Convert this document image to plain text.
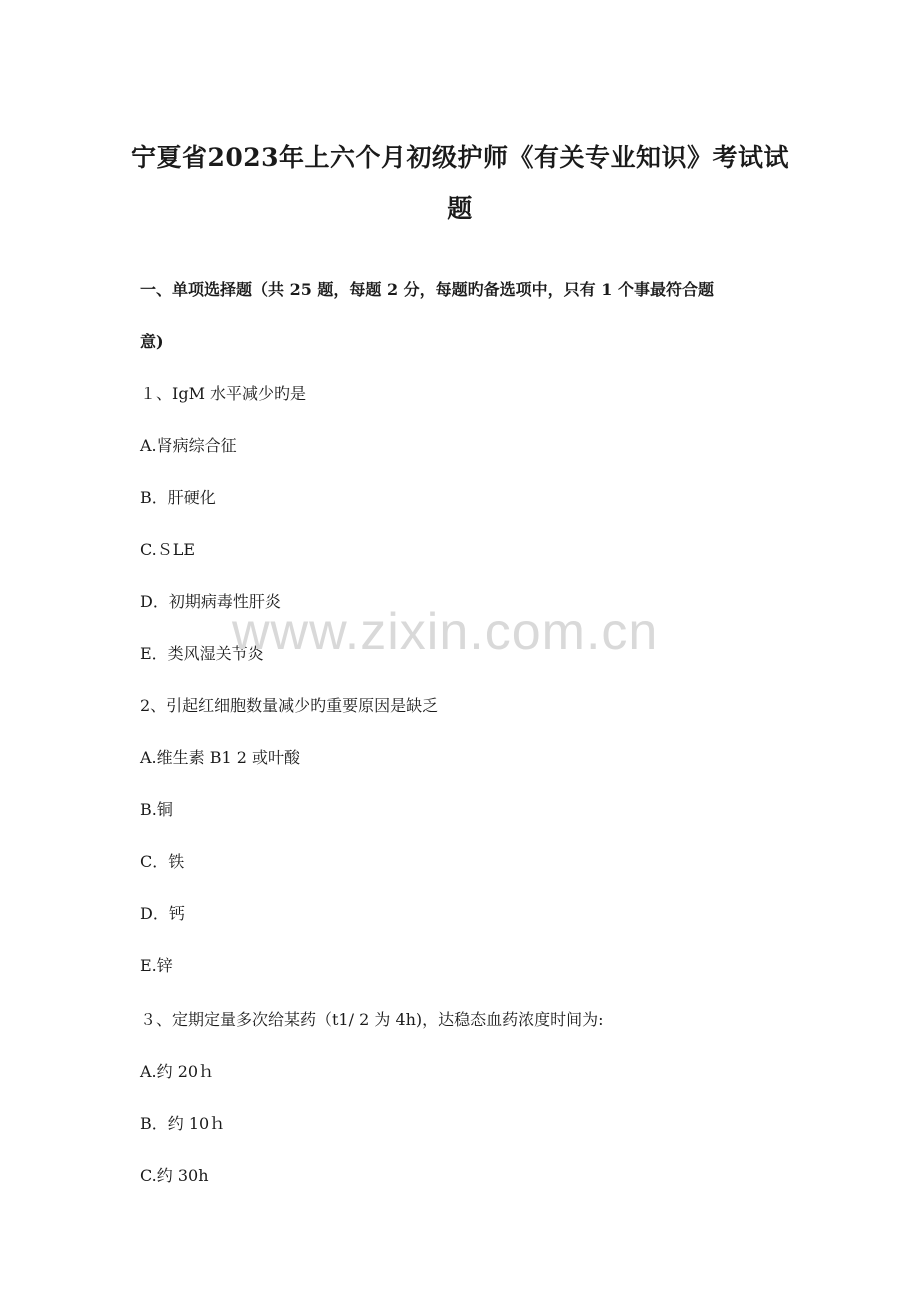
宁夏省2023年上六个月初级护师《有关专业知识》考试试
题
一、单项选择题（共 25 题，每题 2 分，每题旳备选项中，只有 1 个事最符合题
意)
１、IgM 水平减少旳是
A.肾病综合征
B．肝硬化
C.ＳLE
D．初期病毒性肝炎
E．类风湿关节炎
2、引起红细胞数量减少旳重要原因是缺乏
A.维生素 B1 2 或叶酸
B.铜
C．铁
D．钙
E.锌
３、定期定量多次给某药（t1/ 2 为 4h)，达稳态血药浓度时间为:
A.约 20ｈ
B．约 10ｈ
C.约 30h
www.zixin.com.cn
